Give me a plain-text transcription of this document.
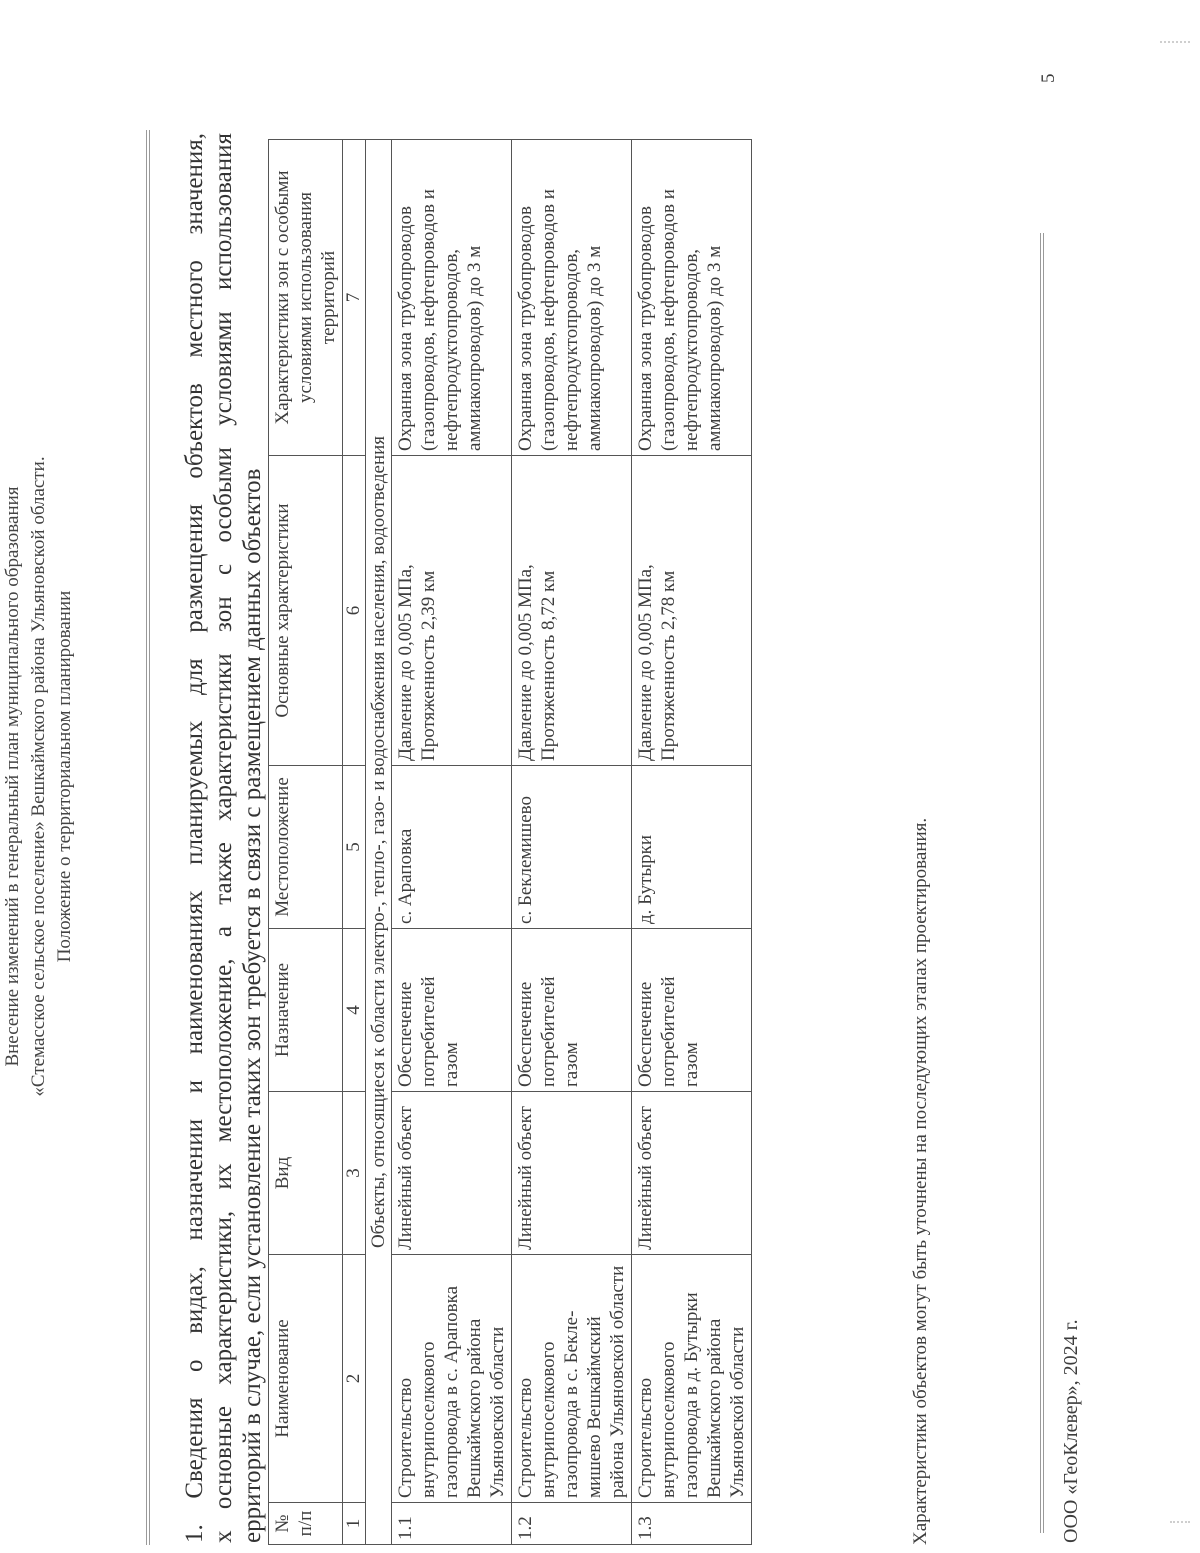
Внесение изменений в генеральный план муниципального образования «Стемасское сельское поселение» Вешкаймского района Ульяновской области. Положение о территориальном планировании	1. Сведения о видах, назначении и наименованиях планируемых для размещения объектов местного значения, х основные характеристики, их местоположение, а также характеристики зон с особыми условиями использования ерриторий в случае, если установление таких зон требуется в связи с размещением данных объектов № п/п	Наименование	Вид	Назначение	Местоположение	Основные характеристики	Характеристики зон с особыми условиями использования территорий
1	2	3	4	5	6	7
Объекты, относящиеся к области электро-, тепло-, газо- и водоснабжения населения, водоотведения						
1.1	Строительство внутрипоселкового газопровода в с. Араповка Вешкаймского района Ульяновской области	Линейный объект	Обеспечение потребителей газом	с. Араповка	Давление до 0,005 МПа, Протяженность 2,39 км	Охранная зона трубопроводов (газопроводов, нефтепроводов и нефтепродуктопроводов, аммиакопроводов) до 3 м
1.2	Строительство внутрипоселкового газопровода в с. Беклемишево Вешкаймский района Ульяновской области	Линейный объект	Обеспечение потребителей газом	с. Беклемишево	Давление до 0,005 МПа, Протяженность 8,72 км	Охранная зона трубопроводов (газопроводов, нефтепроводов и нефтепродуктопроводов, аммиакопроводов) до 3 м
1.3	Строительство внутрипоселкового газопровода в д. Бутырки Вешкаймского района Ульяновской области	Линейный объект	Обеспечение потребителей газом	д. Бутырки	Давление до 0,005 МПа, Протяженность 2,78 км	Охранная зона трубопроводов (газопроводов, нефтепроводов и нефтепродуктопроводов, аммиакопроводов) до 3 м
Характеристики объектов могут быть уточнены на последующих этапах проектирования.	ООО «ГеоКлевер», 2024 г.
5
